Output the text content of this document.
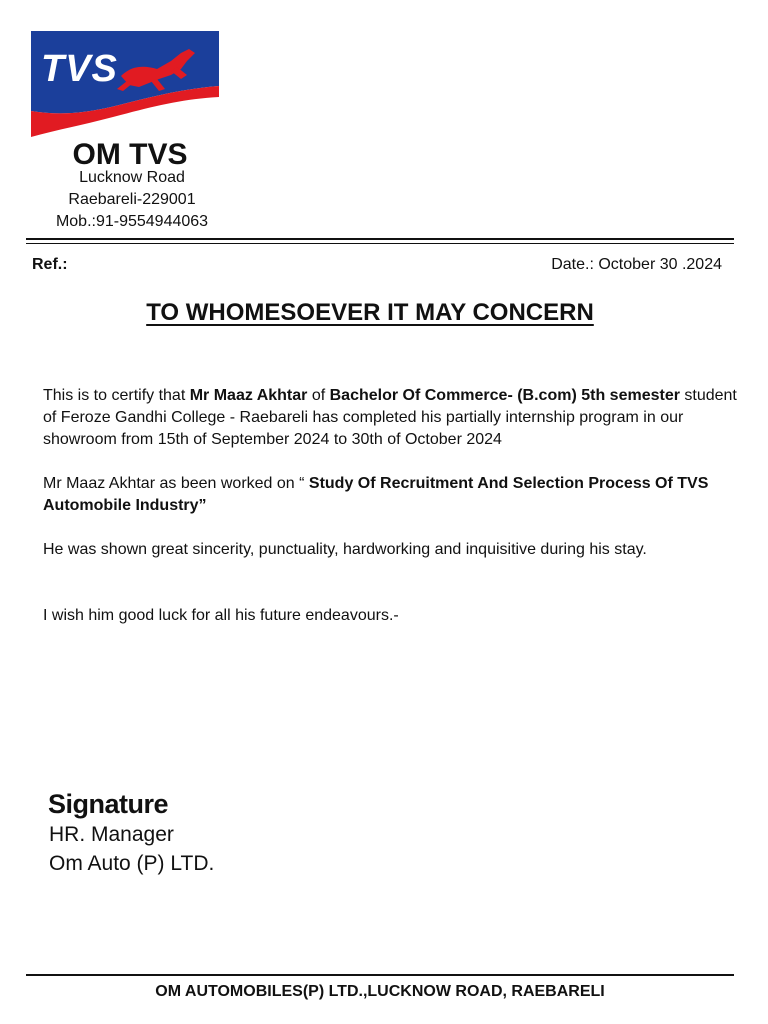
TVS
OM TVS
Lucknow Road
Raebareli-229001
Mob.:91-9554944063
Ref.:	Date.: October 30 .2024
TO WHOMESOEVER IT MAY CONCERN
This is to certify that Mr Maaz Akhtar of Bachelor Of Commerce- (B.com) 5th semester student of Feroze Gandhi College - Raebareli has completed his partially internship program in our showroom from 15th of September 2024 to 30th of October 2024
Mr Maaz Akhtar as been worked on “ Study Of Recruitment And Selection Process Of TVS Automobile Industry”
He was shown great sincerity, punctuality, hardworking and inquisitive during his stay.
I wish him good luck for all his future endeavours.-
Signature
HR. Manager
Om Auto (P) LTD.
OM AUTOMOBILES(P) LTD.,LUCKNOW ROAD, RAEBARELI
